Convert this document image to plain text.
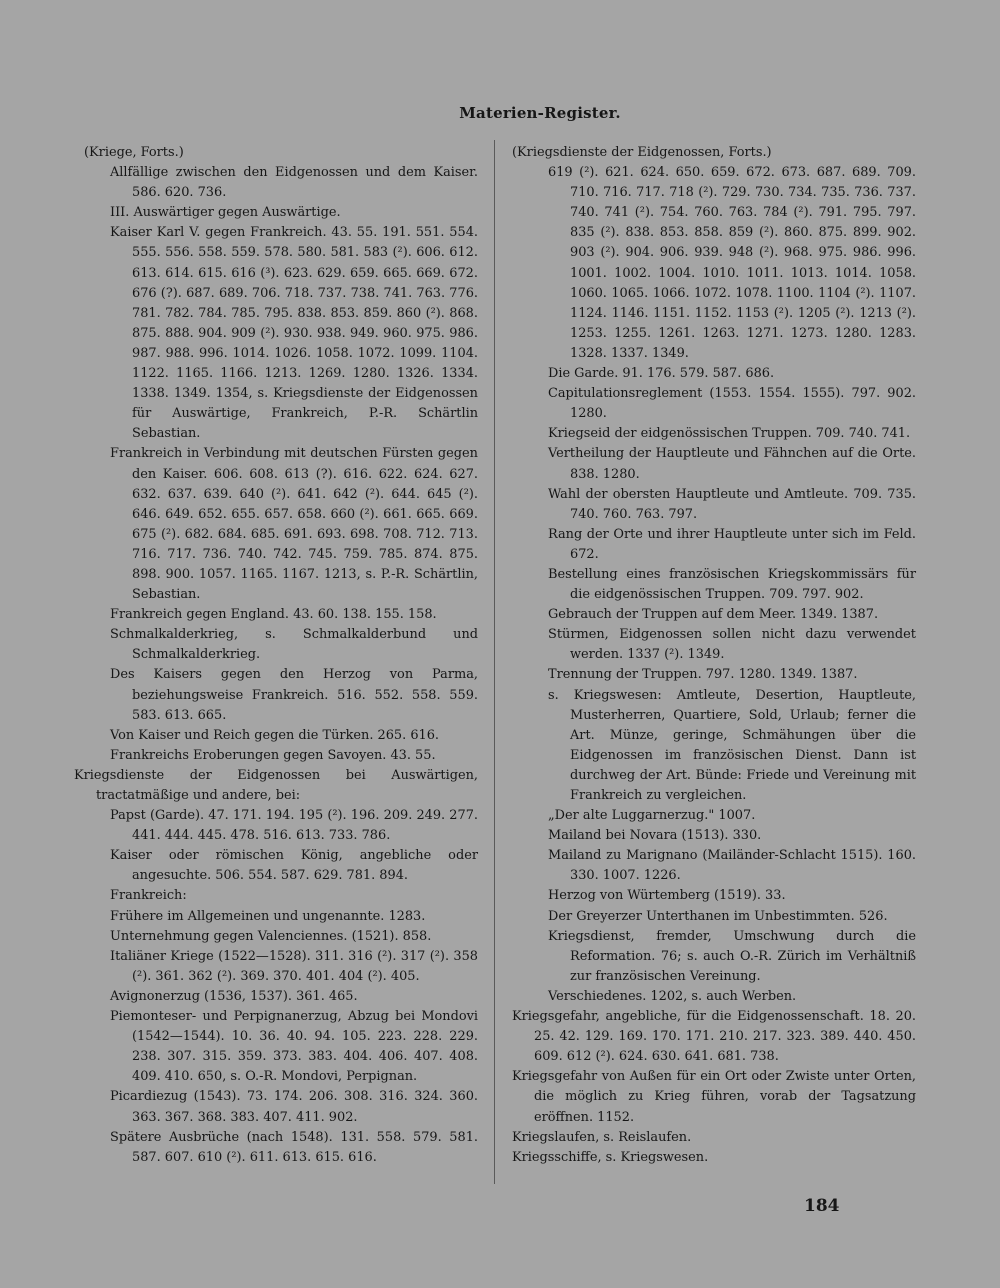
Materien-Register.
(Kriege, Forts.)
Allfällige zwischen den Eidgenossen und dem Kaiser. 586. 620. 736.
III. Auswärtiger gegen Auswärtige.
Kaiser Karl V. gegen Frankreich. 43. 55. 191. 551. 554. 555. 556. 558. 559. 578. 580. 581. 583 (²). 606. 612. 613. 614. 615. 616 (³). 623. 629. 659. 665. 669. 672. 676 (?). 687. 689. 706. 718. 737. 738. 741. 763. 776. 781. 782. 784. 785. 795. 838. 853. 859. 860 (²). 868. 875. 888. 904. 909 (²). 930. 938. 949. 960. 975. 986. 987. 988. 996. 1014. 1026. 1058. 1072. 1099. 1104. 1122. 1165. 1166. 1213. 1269. 1280. 1326. 1334. 1338. 1349. 1354, s. Kriegsdienste der Eidgenossen für Auswärtige, Frankreich, P.-R. Schärtlin Sebastian.
Frankreich in Verbindung mit deutschen Fürsten gegen den Kaiser. 606. 608. 613 (?). 616. 622. 624. 627. 632. 637. 639. 640 (²). 641. 642 (²). 644. 645 (²). 646. 649. 652. 655. 657. 658. 660 (²). 661. 665. 669. 675 (²). 682. 684. 685. 691. 693. 698. 708. 712. 713. 716. 717. 736. 740. 742. 745. 759. 785. 874. 875. 898. 900. 1057. 1165. 1167. 1213, s. P.-R. Schärtlin, Sebastian.
Frankreich gegen England. 43. 60. 138. 155. 158.
Schmalkalderkrieg, s. Schmalkalderbund und Schmalkalderkrieg.
Des Kaisers gegen den Herzog von Parma, beziehungsweise Frankreich. 516. 552. 558. 559. 583. 613. 665.
Von Kaiser und Reich gegen die Türken. 265. 616.
Frankreichs Eroberungen gegen Savoyen. 43. 55.
Kriegsdienste der Eidgenossen bei Auswärtigen, tractatmäßige und andere, bei:
Papst (Garde). 47. 171. 194. 195 (²). 196. 209. 249. 277. 441. 444. 445. 478. 516. 613. 733. 786.
Kaiser oder römischen König, angebliche oder angesuchte. 506. 554. 587. 629. 781. 894.
Frankreich:
Frühere im Allgemeinen und ungenannte. 1283.
Unternehmung gegen Valenciennes. (1521). 858.
Italiäner Kriege (1522—1528). 311. 316 (²). 317 (²). 358 (²). 361. 362 (²). 369. 370. 401. 404 (²). 405.
Avignonerzug (1536, 1537). 361. 465.
Piemonteser- und Perpignanerzug, Abzug bei Mondovi (1542—1544). 10. 36. 40. 94. 105. 223. 228. 229. 238. 307. 315. 359. 373. 383. 404. 406. 407. 408. 409. 410. 650, s. O.-R. Mondovi, Perpignan.
Picardiezug (1543). 73. 174. 206. 308. 316. 324. 360. 363. 367. 368. 383. 407. 411. 902.
Spätere Ausbrüche (nach 1548). 131. 558. 579. 581. 587. 607. 610 (²). 611. 613. 615. 616.
(Kriegsdienste der Eidgenossen, Forts.)
619 (²). 621. 624. 650. 659. 672. 673. 687. 689. 709. 710. 716. 717. 718 (²). 729. 730. 734. 735. 736. 737. 740. 741 (²). 754. 760. 763. 784 (²). 791. 795. 797. 835 (²). 838. 853. 858. 859 (²). 860. 875. 899. 902. 903 (²). 904. 906. 939. 948 (²). 968. 975. 986. 996. 1001. 1002. 1004. 1010. 1011. 1013. 1014. 1058. 1060. 1065. 1066. 1072. 1078. 1100. 1104 (²). 1107. 1124. 1146. 1151. 1152. 1153 (²). 1205 (²). 1213 (²). 1253. 1255. 1261. 1263. 1271. 1273. 1280. 1283. 1328. 1337. 1349.
Die Garde. 91. 176. 579. 587. 686.
Capitulationsreglement (1553. 1554. 1555). 797. 902. 1280.
Kriegseid der eidgenössischen Truppen. 709. 740. 741.
Vertheilung der Hauptleute und Fähnchen auf die Orte. 838. 1280.
Wahl der obersten Hauptleute und Amtleute. 709. 735. 740. 760. 763. 797.
Rang der Orte und ihrer Hauptleute unter sich im Feld. 672.
Bestellung eines französischen Kriegskommissärs für die eidgenössischen Truppen. 709. 797. 902.
Gebrauch der Truppen auf dem Meer. 1349. 1387.
Stürmen, Eidgenossen sollen nicht dazu verwendet werden. 1337 (²). 1349.
Trennung der Truppen. 797. 1280. 1349. 1387.
s. Kriegswesen: Amtleute, Desertion, Hauptleute, Musterherren, Quartiere, Sold, Urlaub; ferner die Art. Münze, geringe, Schmähungen über die Eidgenossen im französischen Dienst. Dann ist durchweg der Art. Bünde: Friede und Vereinung mit Frankreich zu vergleichen.
„Der alte Luggarnerzug." 1007.
Mailand bei Novara (1513). 330.
Mailand zu Marignano (Mailänder-Schlacht 1515). 160. 330. 1007. 1226.
Herzog von Würtemberg (1519). 33.
Der Greyerzer Unterthanen im Unbestimmten. 526.
Kriegsdienst, fremder, Umschwung durch die Reformation. 76; s. auch O.-R. Zürich im Verhältniß zur französischen Vereinung.
Verschiedenes. 1202, s. auch Werben.
Kriegsgefahr, angebliche, für die Eidgenossenschaft. 18. 20. 25. 42. 129. 169. 170. 171. 210. 217. 323. 389. 440. 450. 609. 612 (²). 624. 630. 641. 681. 738.
Kriegsgefahr von Außen für ein Ort oder Zwiste unter Orten, die möglich zu Krieg führen, vorab der Tagsatzung eröffnen. 1152.
Kriegslaufen, s. Reislaufen.
Kriegsschiffe, s. Kriegswesen.
184
